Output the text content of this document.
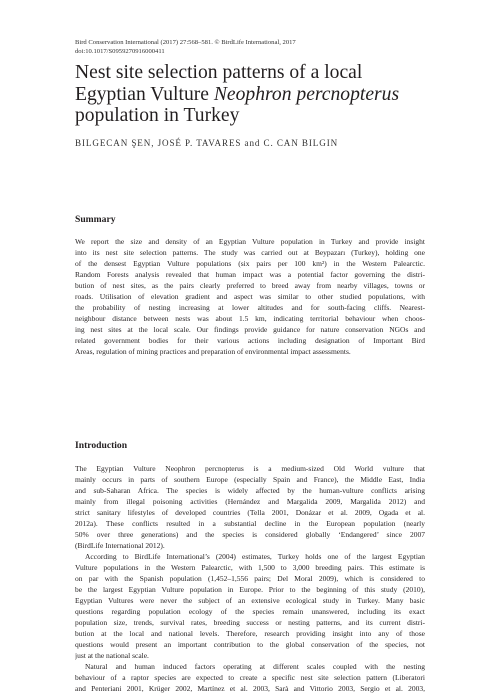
Bird Conservation International (2017) 27:568–581. © BirdLife International, 2017
doi:10.1017/S0959270916000411
Nest site selection patterns of a local Egyptian Vulture Neophron percnopterus population in Turkey
BILGECAN ŞEN, JOSÉ P. TAVARES and C. CAN BILGIN
Summary
We report the size and density of an Egyptian Vulture population in Turkey and provide insight
into its nest site selection patterns. The study was carried out at Beypazarı (Turkey), holding one
of the densest Egyptian Vulture populations (six pairs per 100 km²) in the Western Palearctic.
Random Forests analysis revealed that human impact was a potential factor governing the distri-
bution of nest sites, as the pairs clearly preferred to breed away from nearby villages, towns or
roads. Utilisation of elevation gradient and aspect was similar to other studied populations, with
the probability of nesting increasing at lower altitudes and for south-facing cliffs. Nearest-
neighbour distance between nests was about 1.5 km, indicating territorial behaviour when choos-
ing nest sites at the local scale. Our findings provide guidance for nature conservation NGOs and
related government bodies for their various actions including designation of Important Bird
Areas, regulation of mining practices and preparation of environmental impact assessments.
Introduction
The Egyptian Vulture Neophron percnopterus is a medium-sized Old World vulture that
mainly occurs in parts of southern Europe (especially Spain and France), the Middle East, India
and sub-Saharan Africa. The species is widely affected by the human-vulture conflicts arising
mainly from illegal poisoning activities (Hernández and Margalida 2009, Margalida 2012) and
strict sanitary lifestyles of developed countries (Tella 2001, Donázar et al. 2009, Ogada et al.
2012a). These conflicts resulted in a substantial decline in the European population (nearly
50% over three generations) and the species is considered globally ‘Endangered’ since 2007
(BirdLife International 2012).
According to BirdLife International’s (2004) estimates, Turkey holds one of the largest Egyptian
Vulture populations in the Western Palearctic, with 1,500 to 3,000 breeding pairs. This estimate is
on par with the Spanish population (1,452–1,556 pairs; Del Moral 2009), which is considered to
be the largest Egyptian Vulture population in Europe. Prior to the beginning of this study (2010),
Egyptian Vultures were never the subject of an extensive ecological study in Turkey. Many basic
questions regarding population ecology of the species remain unanswered, including its exact
population size, trends, survival rates, breeding success or nesting patterns, and its current distri-
bution at the local and national levels. Therefore, research providing insight into any of those
questions would present an important contribution to the global conservation of the species, not
just at the national scale.
Natural and human induced factors operating at different scales coupled with the nesting
behaviour of a raptor species are expected to create a specific nest site selection pattern (Liberatori
and Penteriani 2001, Krüger 2002, Martínez et al. 2003, Sarà and Vittorio 2003, Sergio et al. 2003,
